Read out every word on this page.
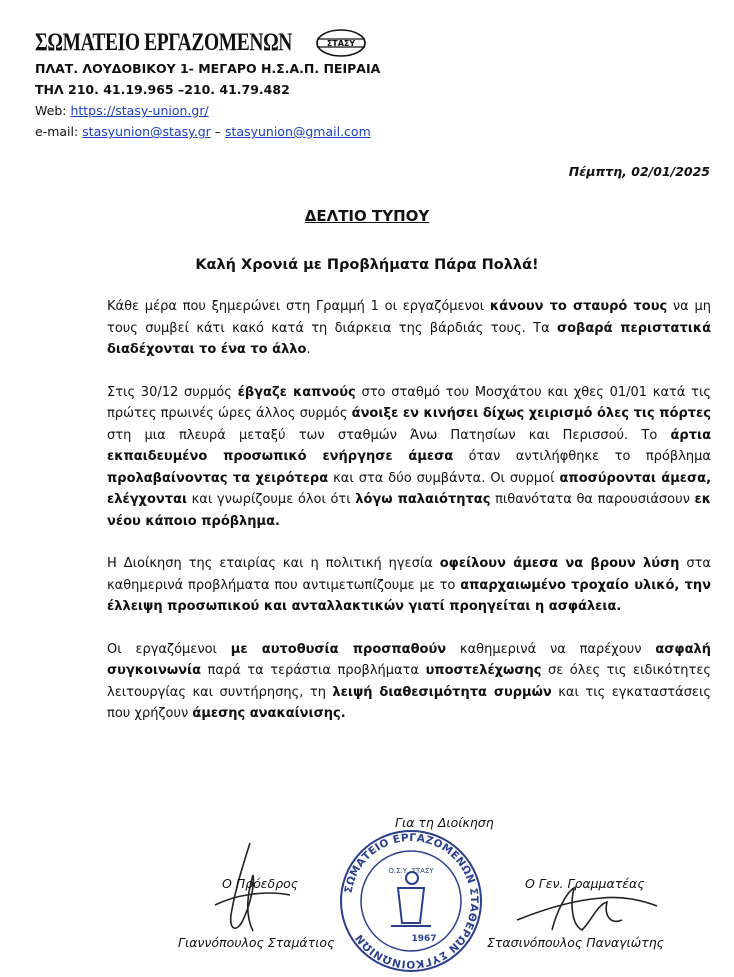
ΣΩΜΑΤΕΙΟ ΕΡΓΑΖΟΜΕΝΩΝ	ΣΤΑΣΥ
ΠΛΑΤ. ΛΟΥΔΟΒΙΚΟΥ 1- ΜΕΓΑΡΟ Η.Σ.Α.Π. ΠΕΙΡΑΙΑ
ΤΗΛ 210. 41.19.965 –210. 41.79.482
Web: https://stasy-union.gr/
e-mail: stasyunion@stasy.gr – stasyunion@gmail.com
Πέμπτη, 02/01/2025
ΔΕΛΤΙΟ ΤΥΠΟΥ
Καλή Χρονιά με Προβλήματα Πάρα Πολλά!

Κάθε μέρα που ξημερώνει στη Γραμμή 1 οι εργαζόμενοι κάνουν το σταυρό τους να μη τους συμβεί κάτι κακό κατά τη διάρκεια της βάρδιάς τους. Τα σοβαρά περιστατικά διαδέχονται το ένα το άλλο.

Στις 30/12 συρμός έβγαζε καπνούς στο σταθμό του Μοσχάτου και χθες 01/01 κατά τις πρώτες πρωινές ώρες άλλος συρμός άνοιξε εν κινήσει δίχως χειρισμό όλες τις πόρτες στη μια πλευρά μεταξύ των σταθμών Άνω Πατησίων και Περισσού. Το άρτια εκπαιδευμένο προσωπικό ενήργησε άμεσα όταν αντιλήφθηκε το πρόβλημα προλαβαίνοντας τα χειρότερα και στα δύο συμβάντα. Οι συρμοί αποσύρονται άμεσα, ελέγχονται και γνωρίζουμε όλοι ότι λόγω παλαιότητας πιθανότατα θα παρουσιάσουν εκ νέου κάποιο πρόβλημα.

Η Διοίκηση της εταιρίας και η πολιτική ηγεσία οφείλουν άμεσα να βρουν λύση στα καθημερινά προβλήματα που αντιμετωπίζουμε με το απαρχαιωμένο τροχαίο υλικό, την έλλειψη προσωπικού και ανταλλακτικών γιατί προηγείται η ασφάλεια.

Οι εργαζόμενοι με αυτοθυσία προσπαθούν καθημερινά να παρέχουν ασφαλή συγκοινωνία παρά τα τεράστια προβλήματα υποστελέχωσης σε όλες τις ειδικότητες λειτουργίας και συντήρησης, τη λειψή διαθεσιμότητα συρμών και τις εγκαταστάσεις που χρήζουν άμεσης ανακαίνισης.

Για τη Διοίκηση
Ο Πρόεδρος
Γιαννόπουλος Σταμάτιος
ΣΩΜΑΤΕΙΟ ΕΡΓΑΖΟΜΕΝΩΝ ΣΤΑΘΕΡΩΝ ΣΥΓΚΟΙΝΩΝΙΩΝ
Ο.Σ.Υ. ΣΤΑΣΥ
1967
Ο Γεν. Γραμματέας
Στασινόπουλος Παναγιώτης
